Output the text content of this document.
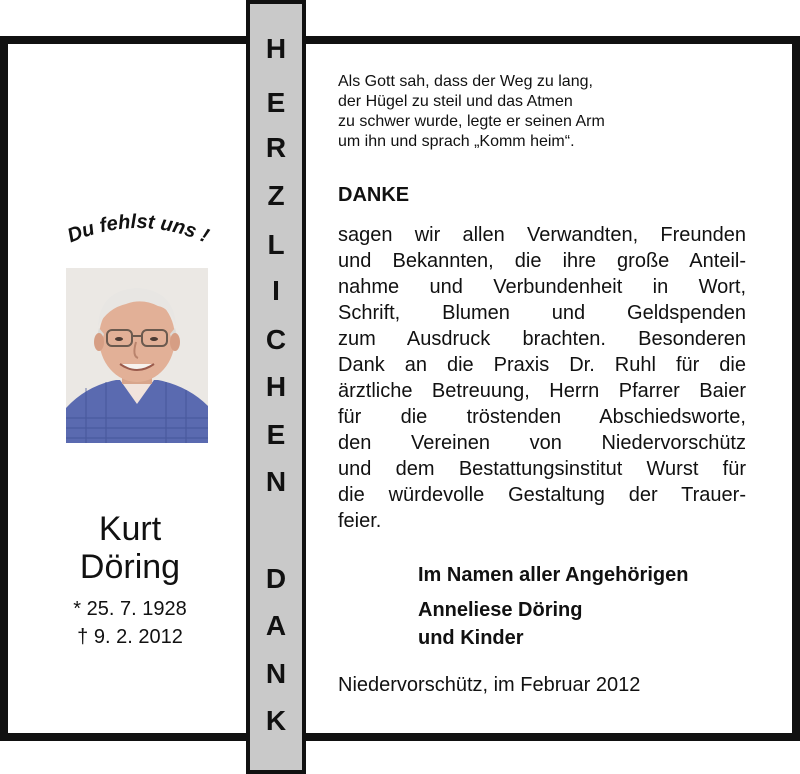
H
E
R
Z
L
I
C
H
E
N
D
A
N
K
Du fehlst uns !
Kurt
Döring
* 25. 7. 1928
† 9. 2. 2012
Als Gott sah, dass der Weg zu lang,
der Hügel zu steil und das Atmen
zu schwer wurde, legte er seinen Arm
um ihn und sprach „Komm heim“.
DANKE
sagen wir allen Verwandten, Freunden
und Bekannten, die ihre große Anteil-
nahme und Verbundenheit in Wort,
Schrift, Blumen und Geldspenden
zum Ausdruck brachten. Besonderen
Dank an die Praxis Dr. Ruhl für die
ärztliche Betreuung, Herrn Pfarrer Baier
für die tröstenden Abschiedsworte,
den Vereinen von Niedervorschütz
und dem Bestattungsinstitut Wurst für
die würdevolle Gestaltung der Trauer-
feier.
Im Namen aller Angehörigen
Anneliese Döring
und Kinder
Niedervorschütz, im Februar 2012
